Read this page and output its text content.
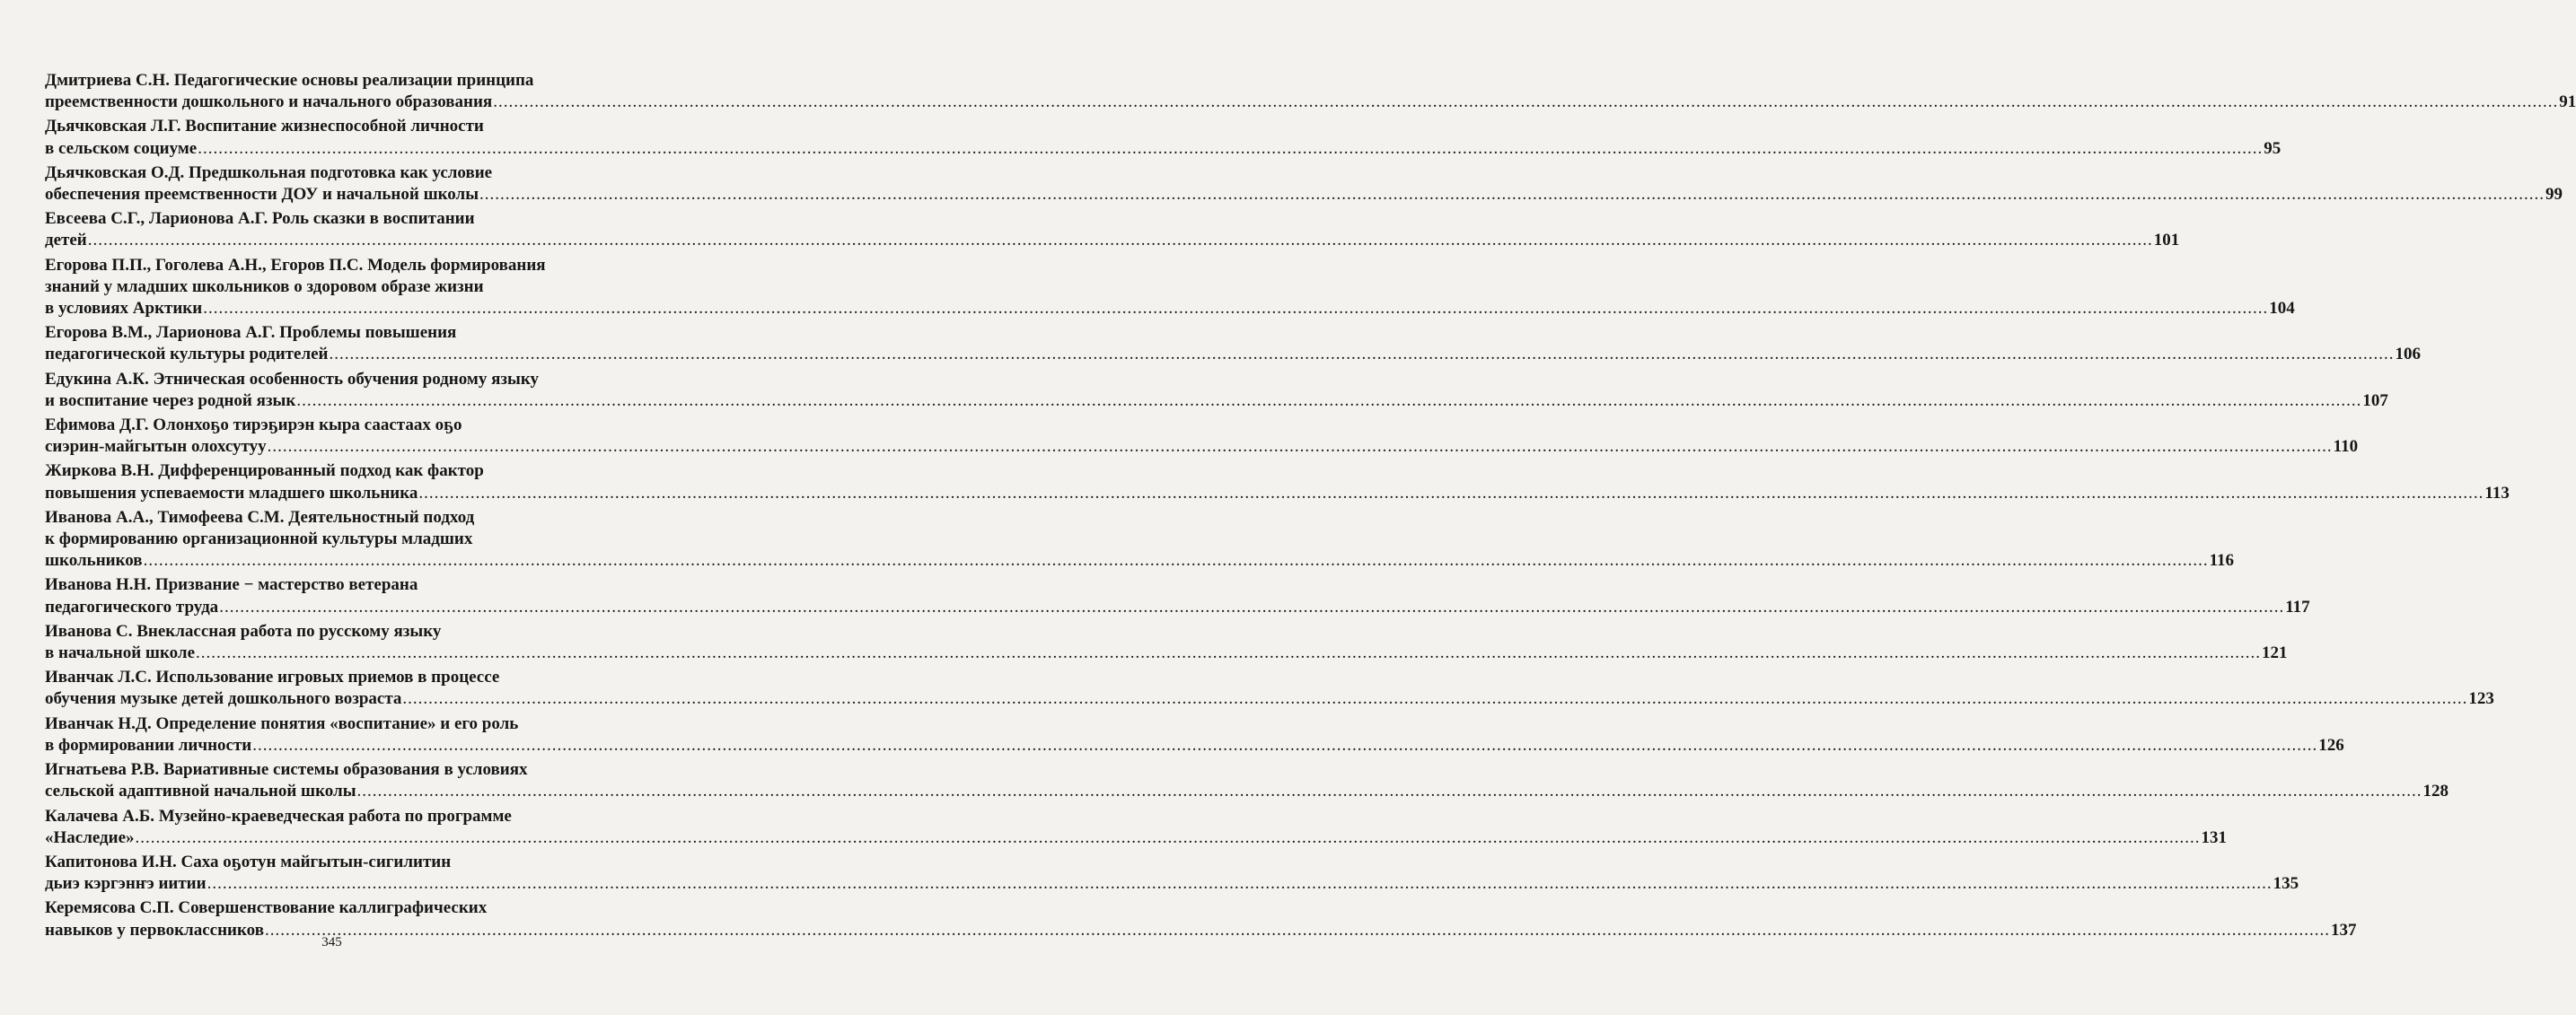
Дмитриева С.Н. Педагогические основы реализации принципа
преемственности дошкольного и начального образования ................................................................................................................................................................................................................................................................................................................................................................................................................ 91
Дьячковская Л.Г. Воспитание жизнеспособной личности
в сельском социуме ................................................................................................................................................................................................................................................................................................................................................................................................................ 95
Дьячковская О.Д. Предшкольная подготовка как условие
обеспечения преемственности ДОУ и начальной школы ................................................................................................................................................................................................................................................................................................................................................................................................................ 99
Евсеева С.Г., Ларионова А.Г. Роль сказки в воспитании
детей ................................................................................................................................................................................................................................................................................................................................................................................................................ 101
Егорова П.П., Гоголева А.Н., Егоров П.С. Модель формирования
знаний у младших школьников о здоровом образе жизни
в условиях Арктики ................................................................................................................................................................................................................................................................................................................................................................................................................ 104
Егорова В.М., Ларионова А.Г. Проблемы повышения
педагогической культуры родителей ................................................................................................................................................................................................................................................................................................................................................................................................................ 106
Едукина А.К. Этническая особенность обучения родному языку
и воспитание через родной язык ................................................................................................................................................................................................................................................................................................................................................................................................................ 107
Ефимова Д.Г. Олонхоҕо тирэҕирэн кыра саастаах оҕо
сиэрин-майгытын олохсутуу ................................................................................................................................................................................................................................................................................................................................................................................................................ 110
Жиркова В.Н. Дифференцированный подход как фактор
повышения успеваемости младшего школьника ................................................................................................................................................................................................................................................................................................................................................................................................................ 113
Иванова А.А., Тимофеева С.М. Деятельностный подход
к формированию организационной культуры младших
школьников ................................................................................................................................................................................................................................................................................................................................................................................................................ 116
Иванова Н.Н. Призвание − мастерство ветерана
педагогического труда ................................................................................................................................................................................................................................................................................................................................................................................................................ 117
Иванова С. Внеклассная работа по русскому языку
в начальной школе ................................................................................................................................................................................................................................................................................................................................................................................................................ 121
Иванчак Л.С. Использование игровых приемов в процессе
обучения музыке детей дошкольного возраста ................................................................................................................................................................................................................................................................................................................................................................................................................ 123
Иванчак Н.Д. Определение понятия «воспитание» и его роль
в формировании личности ................................................................................................................................................................................................................................................................................................................................................................................................................ 126
Игнатьева Р.В. Вариативные системы образования в условиях
сельской адаптивной начальной школы ................................................................................................................................................................................................................................................................................................................................................................................................................ 128
Калачева А.Б. Музейно-краеведческая работа по программе
«Наследие» ................................................................................................................................................................................................................................................................................................................................................................................................................ 131
Капитонова И.Н. Саха оҕотун майгытын-сигилитин
дьиэ кэргэнҥэ иитии ................................................................................................................................................................................................................................................................................................................................................................................................................ 135
Керемясова С.П. Совершенствование каллиграфических
навыков у первоклассников ................................................................................................................................................................................................................................................................................................................................................................................................................ 137
345
